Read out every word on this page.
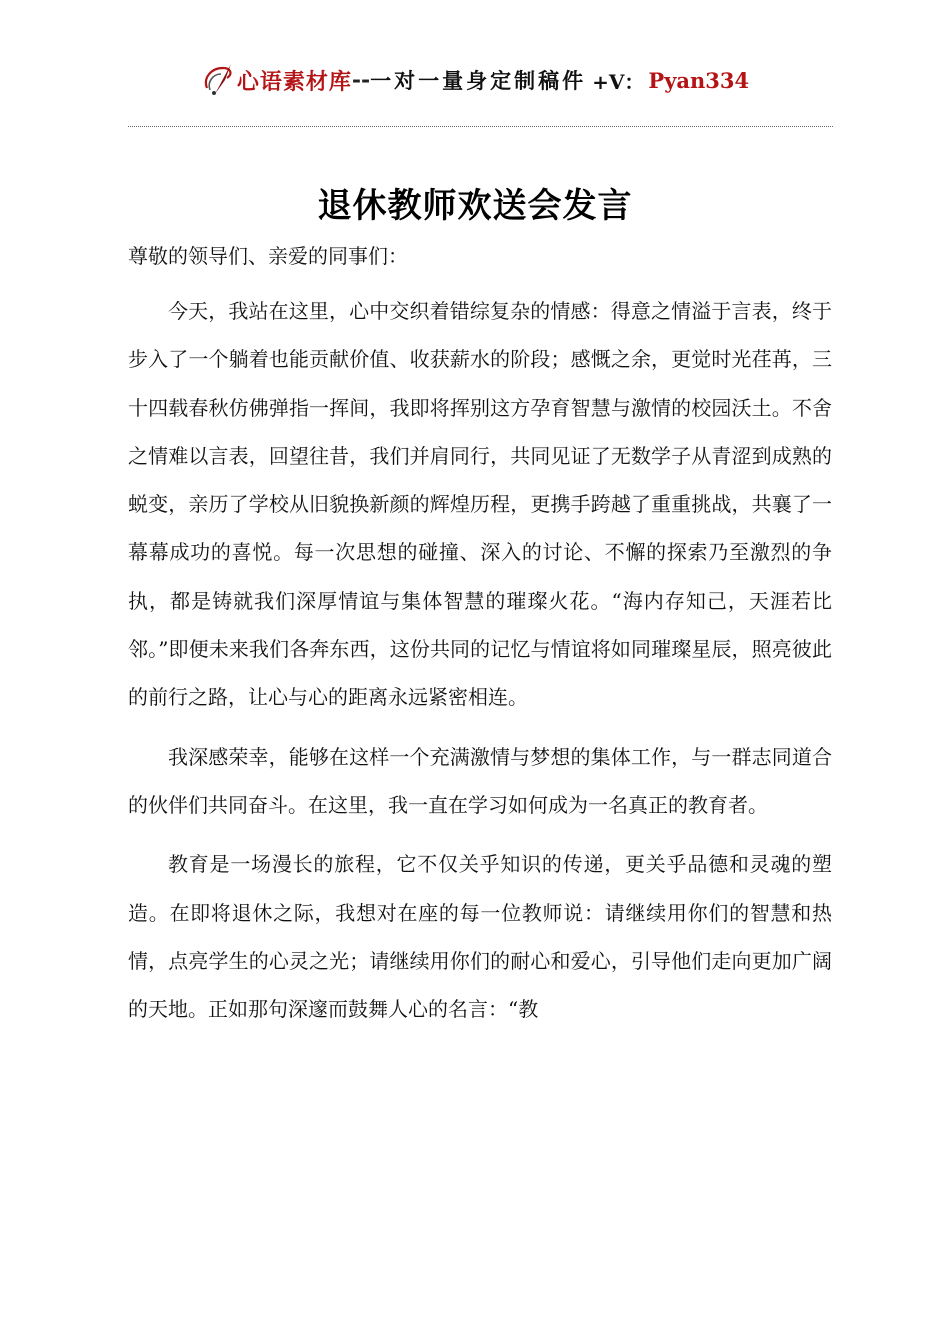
心语素材库 -- 一对一量身定制稿件 +V： Pyan334
退休教师欢送会发言
尊敬的领导们、亲爱的同事们：

今天，我站在这里，心中交织着错综复杂的情感：得意之情溢于言表，终于步入了一个躺着也能贡献价值、收获薪水的阶段；感慨之余，更觉时光荏苒，三十四载春秋仿佛弹指一挥间，我即将挥别这方孕育智慧与激情的校园沃土。不舍之情难以言表，回望往昔，我们并肩同行，共同见证了无数学子从青涩到成熟的蜕变，亲历了学校从旧貌换新颜的辉煌历程，更携手跨越了重重挑战，共襄了一幕幕成功的喜悦。每一次思想的碰撞、深入的讨论、不懈的探索乃至激烈的争执，都是铸就我们深厚情谊与集体智慧的璀璨火花。“海内存知己，天涯若比邻。”即便未来我们各奔东西，这份共同的记忆与情谊将如同璀璨星辰，照亮彼此的前行之路，让心与心的距离永远紧密相连。

我深感荣幸，能够在这样一个充满激情与梦想的集体工作，与一群志同道合的伙伴们共同奋斗。在这里，我一直在学习如何成为一名真正的教育者。

教育是一场漫长的旅程，它不仅关乎知识的传递，更关乎品德和灵魂的塑造。在即将退休之际，我想对在座的每一位教师说：请继续用你们的智慧和热情，点亮学生的心灵之光；请继续用你们的耐心和爱心，引导他们走向更加广阔的天地。正如那句深邃而鼓舞人心的名言：“教
